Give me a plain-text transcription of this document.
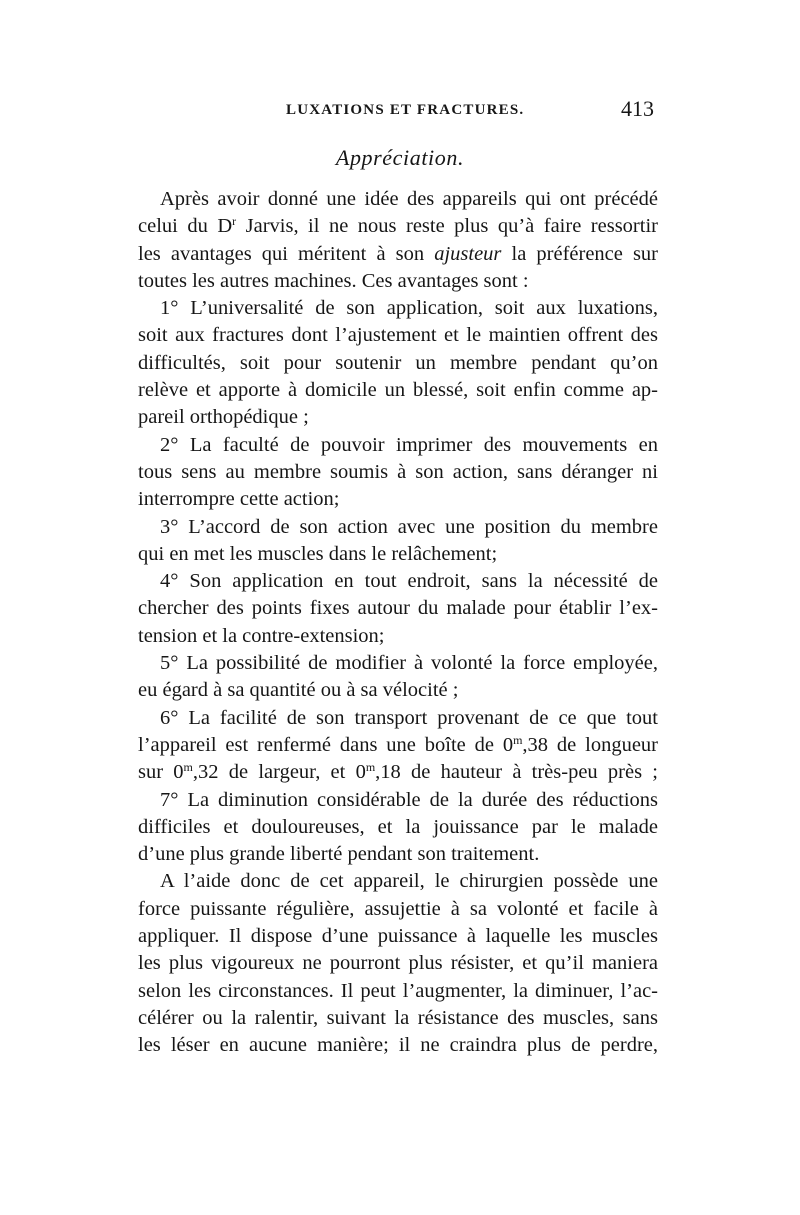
LUXATIONS ET FRACTURES.	413
Appréciation.
Après avoir donné une idée des appareils qui ont précédé
celui du $D^r$ Jarvis, il ne nous reste plus qu’à faire ressortir
les avantages qui méritent à son ajusteur la préférence sur
toutes les autres machines. Ces avantages sont :
1° L’universalité de son application, soit aux luxations,
soit aux fractures dont l’ajustement et le maintien offrent des
difficultés, soit pour soutenir un membre pendant qu’on
relève et apporte à domicile un blessé, soit enfin comme ap-
pareil orthopédique ;
2° La faculté de pouvoir imprimer des mouvements en
tous sens au membre soumis à son action, sans déranger ni
interrompre cette action;
3° L’accord de son action avec une position du membre
qui en met les muscles dans le relâchement;
4° Son application en tout endroit, sans la nécessité de
chercher des points fixes autour du malade pour établir l’ex-
tension et la contre-extension;
5° La possibilité de modifier à volonté la force employée,
eu égard à sa quantité ou à sa vélocité ;
6° La facilité de son transport provenant de ce que tout
l’appareil est renfermé dans une boîte de 0$^m$,38 de longueur
sur 0$^m$,32 de largeur, et 0$^m$,18 de hauteur à très-peu près ;
7° La diminution considérable de la durée des réductions
difficiles et douloureuses, et la jouissance par le malade
d’une plus grande liberté pendant son traitement.
A l’aide donc de cet appareil, le chirurgien possède une
force puissante régulière, assujettie à sa volonté et facile à
appliquer. Il dispose d’une puissance à laquelle les muscles
les plus vigoureux ne pourront plus résister, et qu’il maniera
selon les circonstances. Il peut l’augmenter, la diminuer, l’ac-
célérer ou la ralentir, suivant la résistance des muscles, sans
les léser en aucune manière; il ne craindra plus de perdre,
